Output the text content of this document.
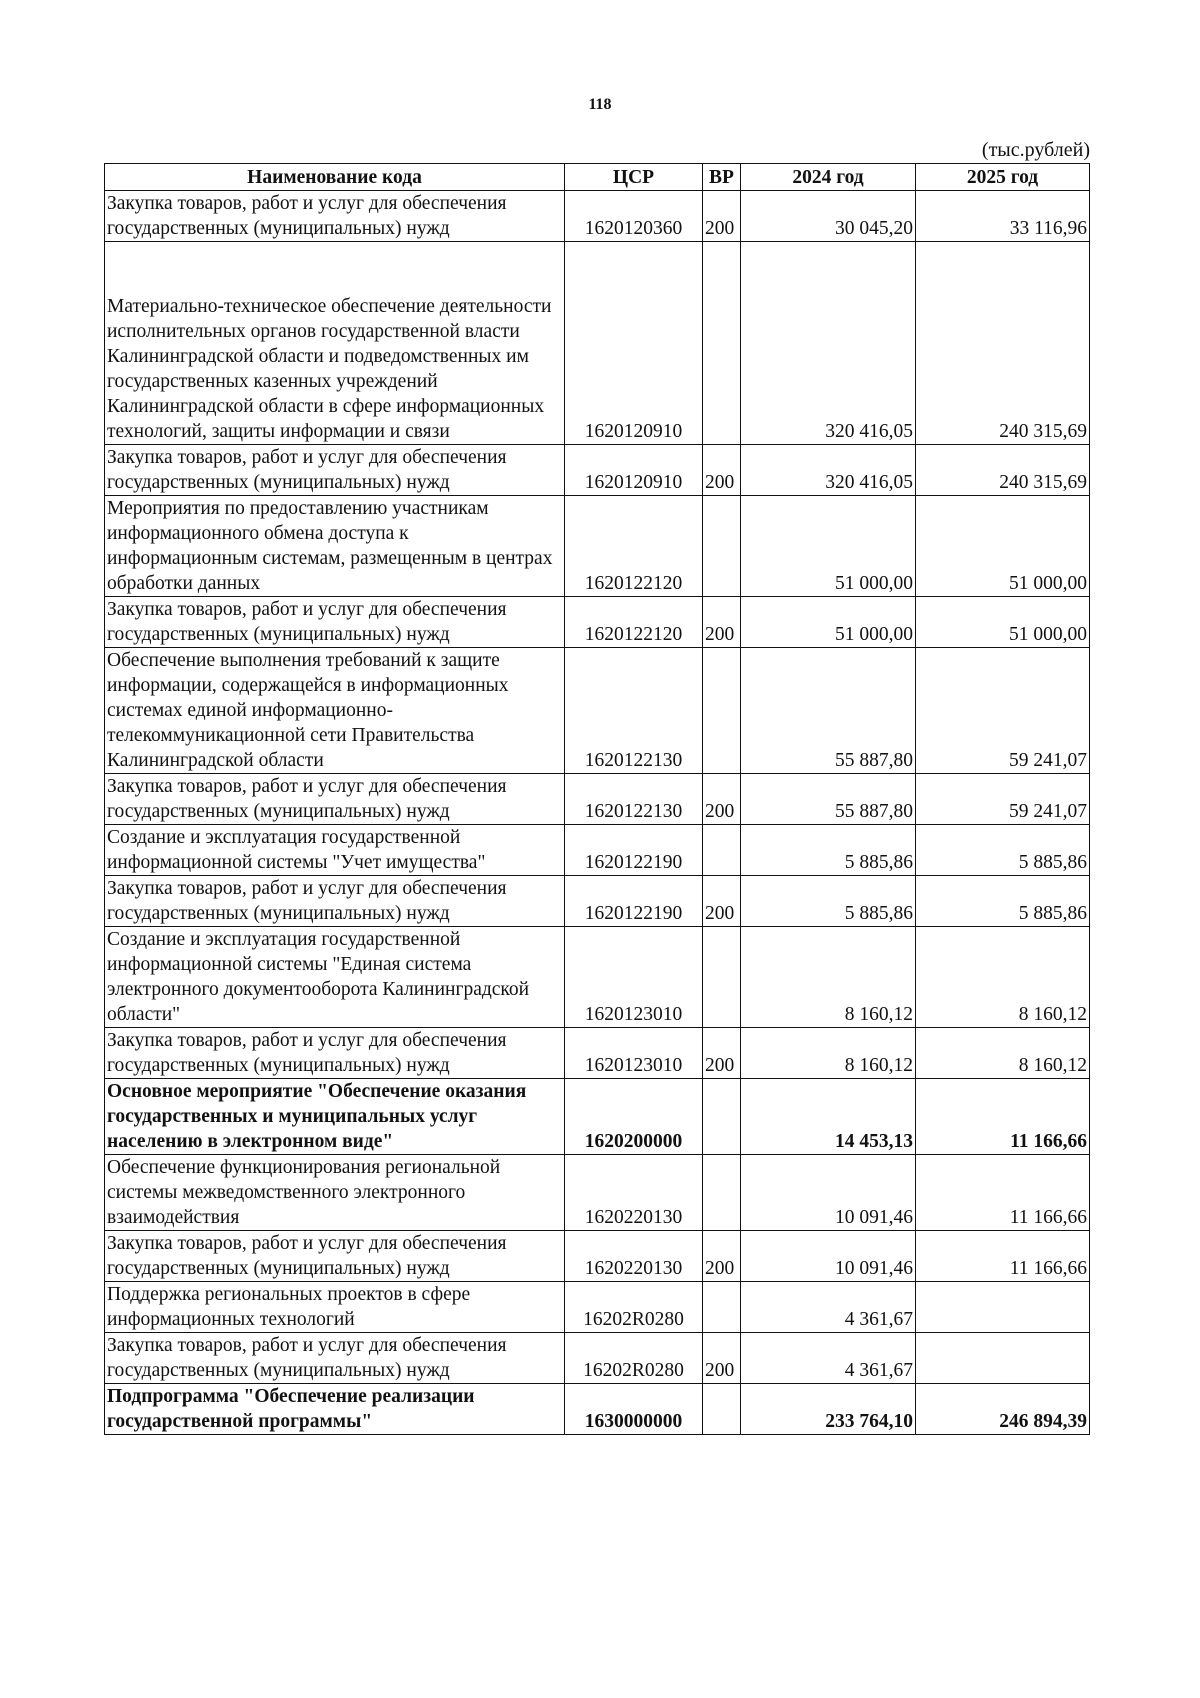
118
(тыс.рублей)
Наименование кода	ЦСР	ВР	2024 год	2025 год
Закупка товаров, работ и услуг для обеспечения государственных (муниципальных) нужд	1620120360	200	30 045,20	33 116,96
Материально-техническое обеспечение деятельности исполнительных органов государственной власти Калининградской области и подведомственных им государственных казенных учреждений Калининградской области в сфере информационных технологий, защиты информации и связи	1620120910		320 416,05	240 315,69
Закупка товаров, работ и услуг для обеспечения государственных (муниципальных) нужд	1620120910	200	320 416,05	240 315,69
Мероприятия по предоставлению участникам информационного обмена доступа к информационным системам, размещенным в центрах обработки данных	1620122120		51 000,00	51 000,00
Закупка товаров, работ и услуг для обеспечения государственных (муниципальных) нужд	1620122120	200	51 000,00	51 000,00
Обеспечение выполнения требований к защите информации, содержащейся в информационных системах единой информационно-телекоммуникационной сети Правительства Калининградской области	1620122130		55 887,80	59 241,07
Закупка товаров, работ и услуг для обеспечения государственных (муниципальных) нужд	1620122130	200	55 887,80	59 241,07
Создание и эксплуатация государственной информационной системы "Учет имущества"	1620122190		5 885,86	5 885,86
Закупка товаров, работ и услуг для обеспечения государственных (муниципальных) нужд	1620122190	200	5 885,86	5 885,86
Создание и эксплуатация государственной информационной системы "Единая система электронного документооборота Калининградской области"	1620123010		8 160,12	8 160,12
Закупка товаров, работ и услуг для обеспечения государственных (муниципальных) нужд	1620123010	200	8 160,12	8 160,12
Основное мероприятие "Обеспечение оказания государственных и муниципальных услуг населению в электронном виде"	1620200000		14 453,13	11 166,66
Обеспечение функционирования региональной системы межведомственного электронного взаимодействия	1620220130		10 091,46	11 166,66
Закупка товаров, работ и услуг для обеспечения государственных (муниципальных) нужд	1620220130	200	10 091,46	11 166,66
Поддержка региональных проектов в сфере информационных технологий	16202R0280		4 361,67	
Закупка товаров, работ и услуг для обеспечения государственных (муниципальных) нужд	16202R0280	200	4 361,67	
Подпрограмма "Обеспечение реализации государственной программы"	1630000000		233 764,10	246 894,39
